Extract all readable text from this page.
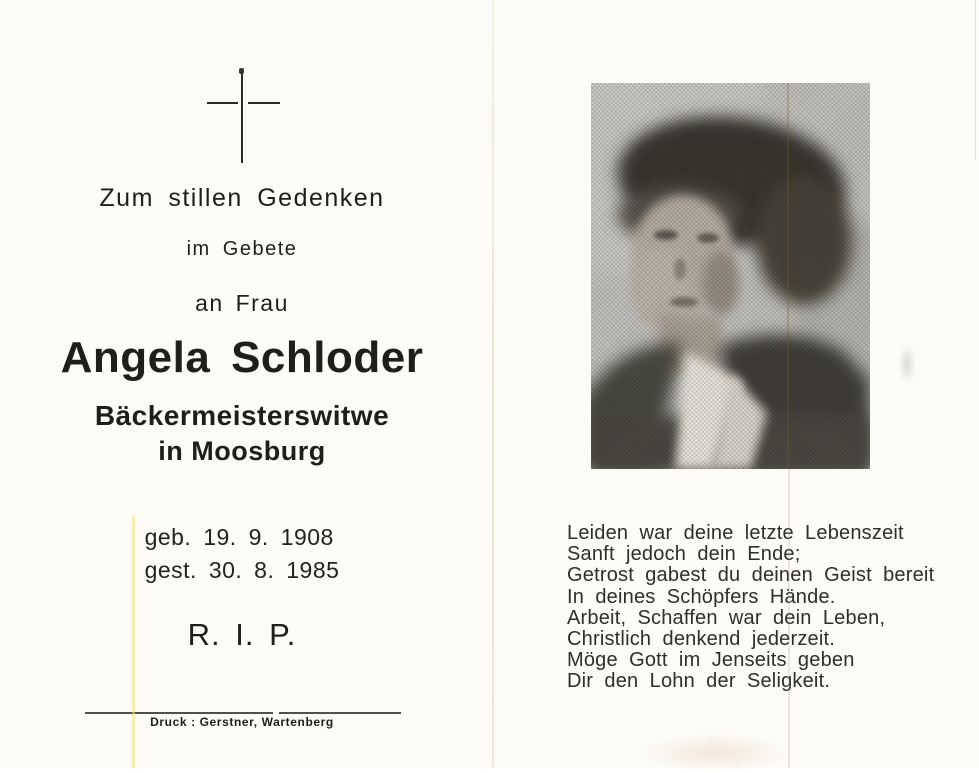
Zum stillen Gedenken
im Gebete
an Frau
Angela Schloder
Bäckermeisterswitwe
in Moosburg
geb. 19. 9. 1908
gest. 30. 8. 1985
R. I. P.
Druck : Gerstner, Wartenberg
Leiden war deine letzte Lebenszeit
Sanft jedoch dein Ende;
Getrost gabest du deinen Geist bereit
In deines Schöpfers Hände.
Arbeit, Schaffen war dein Leben,
Christlich denkend jederzeit.
Möge Gott im Jenseits geben
Dir den Lohn der Seligkeit.
